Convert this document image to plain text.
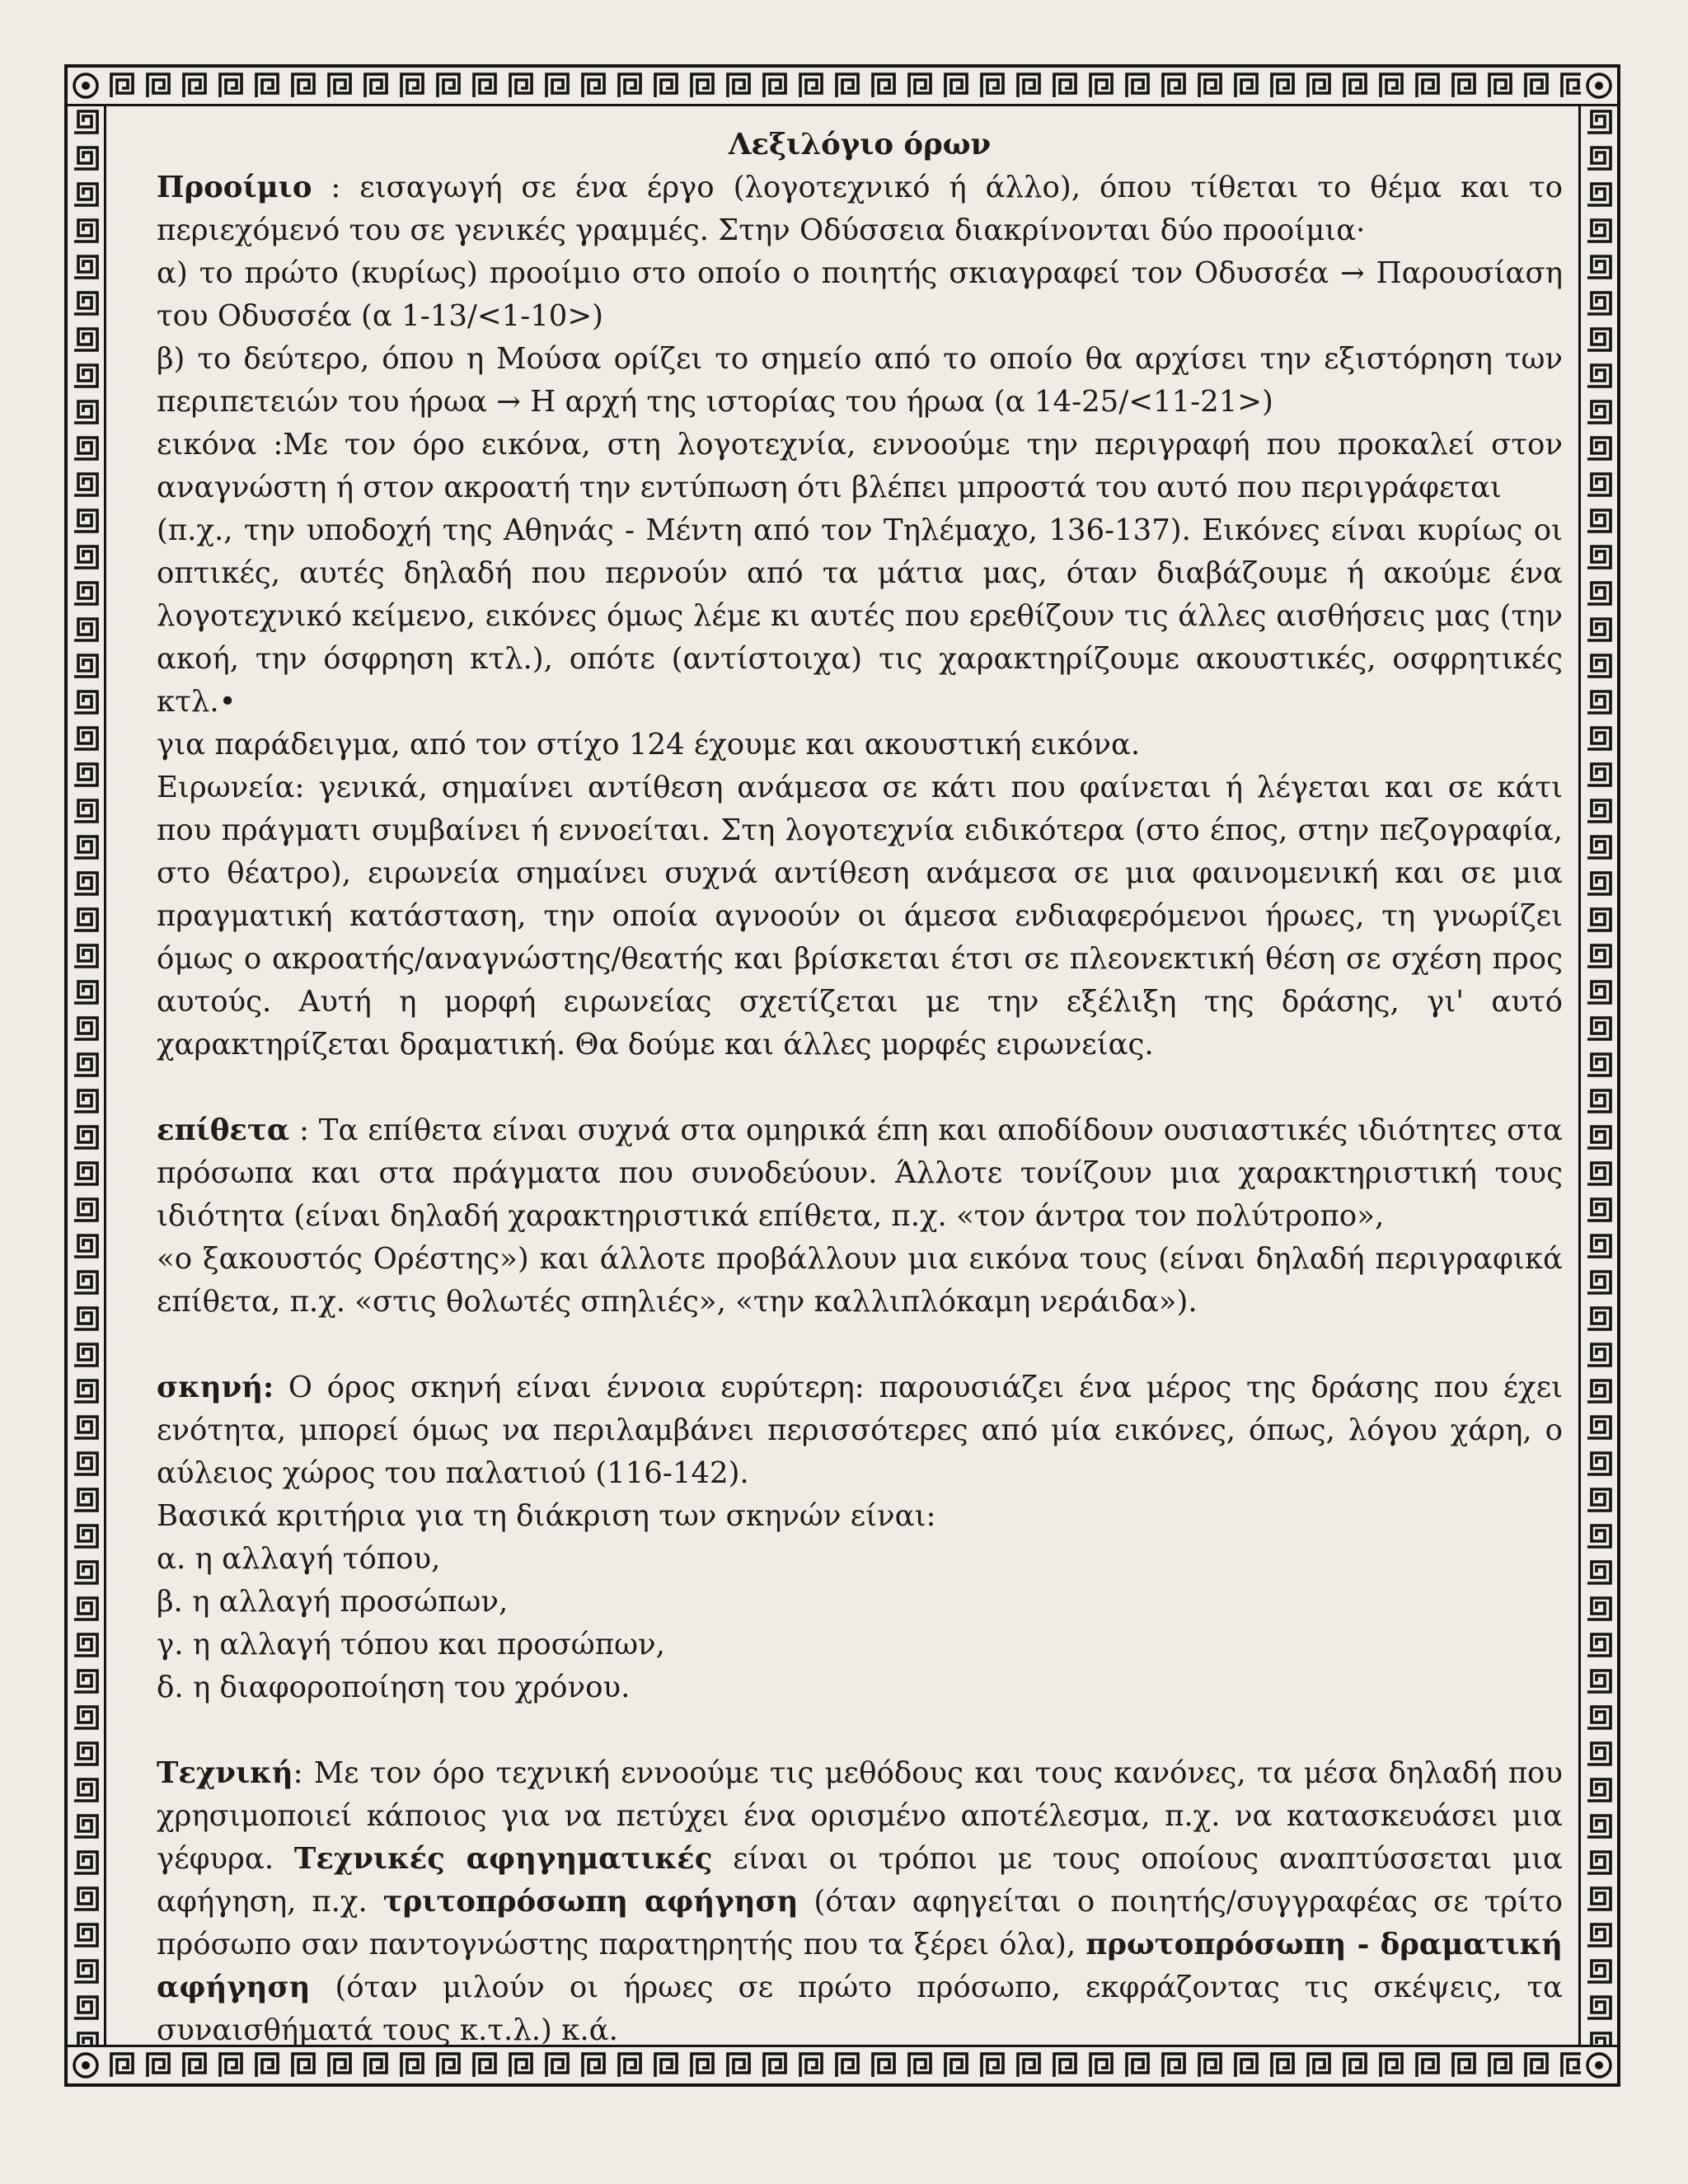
Λεξιλόγιο όρων

Προοίμιο : εισαγωγή σε ένα έργο (λογοτεχνικό ή άλλο), όπου τίθεται το θέμα και το περιεχόμενό του σε γενικές γραμμές. Στην Οδύσσεια διακρίνονται δύο προοίμια·

α) το πρώτο (κυρίως) προοίμιο στο οποίο ο ποιητής σκιαγραφεί τον Οδυσσέα → Παρουσίαση του Οδυσσέα (α 1-13/<1-10>)

β) το δεύτερο, όπου η Μούσα ορίζει το σημείο από το οποίο θα αρχίσει την εξιστόρηση των περιπετειών του ήρωα → Η αρχή της ιστορίας του ήρωα (α 14-25/<11-21>)

εικόνα :Με τον όρο εικόνα, στη λογοτεχνία, εννοούμε την περιγραφή που προκαλεί στον αναγνώστη ή στον ακροατή την εντύπωση ότι βλέπει μπροστά του αυτό που περιγράφεται

(π.χ., την υποδοχή της Αθηνάς - Μέντη από τον Τηλέμαχο, 136-137). Εικόνες είναι κυρίως οι οπτικές, αυτές δηλαδή που περνούν από τα μάτια μας, όταν διαβάζουμε ή ακούμε ένα λογοτεχνικό κείμενο, εικόνες όμως λέμε κι αυτές που ερεθίζουν τις άλλες αισθήσεις μας (την ακοή, την όσφρηση κτλ.), οπότε (αντίστοιχα) τις χαρακτηρίζουμε ακουστικές, οσφρητικές κτλ.•

για παράδειγμα, από τον στίχο 124 έχουμε και ακουστική εικόνα.

Ειρωνεία: γενικά, σημαίνει αντίθεση ανάμεσα σε κάτι που φαίνεται ή λέγεται και σε κάτι που πράγματι συμβαίνει ή εννοείται. Στη λογοτεχνία ειδικότερα (στο έπος, στην πεζογραφία, στο θέατρο), ειρωνεία σημαίνει συχνά αντίθεση ανάμεσα σε μια φαινομενική και σε μια πραγματική κατάσταση, την οποία αγνοούν οι άμεσα ενδιαφερόμενοι ήρωες, τη γνωρίζει όμως ο ακροατής/αναγνώστης/θεατής και βρίσκεται έτσι σε πλεονεκτική θέση σε σχέση προς αυτούς. Αυτή η μορφή ειρωνείας σχετίζεται με την εξέλιξη της δράσης, γι' αυτό χαρακτηρίζεται δραματική. Θα δούμε και άλλες μορφές ειρωνείας.

επίθετα : Τα επίθετα είναι συχνά στα ομηρικά έπη και αποδίδουν ουσιαστικές ιδιότητες στα πρόσωπα και στα πράγματα που συνοδεύουν. Άλλοτε τονίζουν μια χαρακτηριστική τους ιδιότητα (είναι δηλαδή χαρακτηριστικά επίθετα, π.χ. «τον άντρα τον πολύτροπο»,

«ο ξακουστός Ορέστης») και άλλοτε προβάλλουν μια εικόνα τους (είναι δηλαδή περιγραφικά επίθετα, π.χ. «στις θολωτές σπηλιές», «την καλλιπλόκαμη νεράιδα»).

σκηνή: Ο όρος σκηνή είναι έννοια ευρύτερη: παρουσιάζει ένα μέρος της δράσης που έχει ενότητα, μπορεί όμως να περιλαμβάνει περισσότερες από μία εικόνες, όπως, λόγου χάρη, ο αύλειος χώρος του παλατιού (116-142).

Βασικά κριτήρια για τη διάκριση των σκηνών είναι:

α. η αλλαγή τόπου,

β. η αλλαγή προσώπων,

γ. η αλλαγή τόπου και προσώπων,

δ. η διαφοροποίηση του χρόνου.

Τεχνική: Με τον όρο τεχνική εννοούμε τις μεθόδους και τους κανόνες, τα μέσα δηλαδή που χρησιμοποιεί κάποιος για να πετύχει ένα ορισμένο αποτέλεσμα, π.χ. να κατασκευάσει μια γέφυρα. Τεχνικές αφηγηματικές είναι οι τρόποι με τους οποίους αναπτύσσεται μια αφήγηση, π.χ. τριτοπρόσωπη αφήγηση (όταν αφηγείται ο ποιητής/συγγραφέας σε τρίτο πρόσωπο σαν παντογνώστης παρατηρητής που τα ξέρει όλα), πρωτοπρόσωπη - δραματική αφήγηση (όταν μιλούν οι ήρωες σε πρώτο πρόσωπο, εκφράζοντας τις σκέψεις, τα συναισθήματά τους κ.τ.λ.) κ.ά.
